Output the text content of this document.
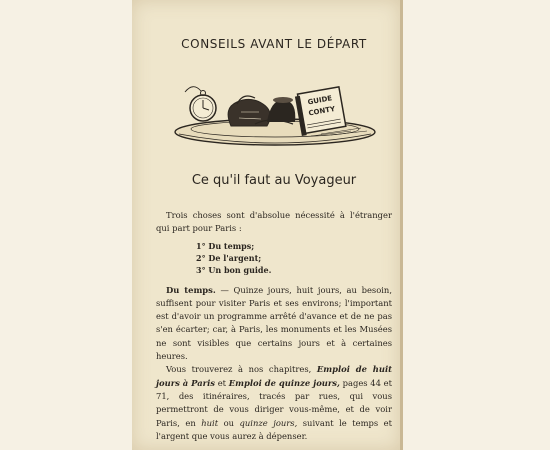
CONSEILS AVANT LE DÉPART
GUIDE
CONTY
Ce qu'il faut au Voyageur

Trois choses sont d'absolue nécessité à l'étranger qui part pour Paris :

1° Du temps;
2° De l'argent;
3° Un bon guide.

Du temps. — Quinze jours, huit jours, au besoin, suffisent pour visiter Paris et ses environs; l'important est d'avoir un programme arrêté d'avance et de ne pas s'en écarter; car, à Paris, les monuments et les Musées ne sont visibles que certains jours et à certaines heures.

Vous trouverez à nos chapitres, Emploi de huit jours à Paris et Emploi de quinze jours, pages 44 et 71, des itinéraires, tracés par rues, qui vous permettront de vous diriger vous-même, et de voir Paris, en huit ou quinze jours, suivant le temps et l'argent que vous aurez à dépenser.
